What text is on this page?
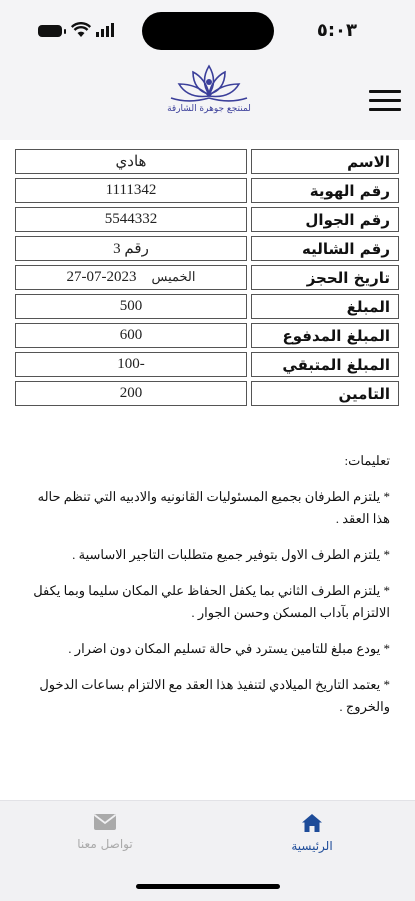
٥:٠٣
لمنتجع جوهرة الشارقة
الاسم	هادي
رقم الهوية	1111342
رقم الجوال	5544332
رقم الشاليه	رقم 3
تاريخ الحجز	الخميس    2023-07-27
المبلغ	500
المبلغ المدفوع	600
المبلغ المتبقي	-100
التامين	200
تعليمات:

* يلتزم الطرفان بجميع المسئوليات القانونيه والادبيه التي تنظم حاله هذا العقد .

* يلتزم الطرف الاول بتوفير جميع متطلبات التاجير الاساسية .

* يلتزم الطرف الثاني بما يكفل الحفاظ علي المكان سليما وبما يكفل الالتزام بآداب المسكن وحسن الجوار .

* يودع مبلغ للتامين يسترد في حالة تسليم المكان دون اضرار .

* يعتمد التاريخ الميلادي لتنفيذ هذا العقد مع الالتزام بساعات الدخول والخروج .

الرئيسية
تواصل معنا
